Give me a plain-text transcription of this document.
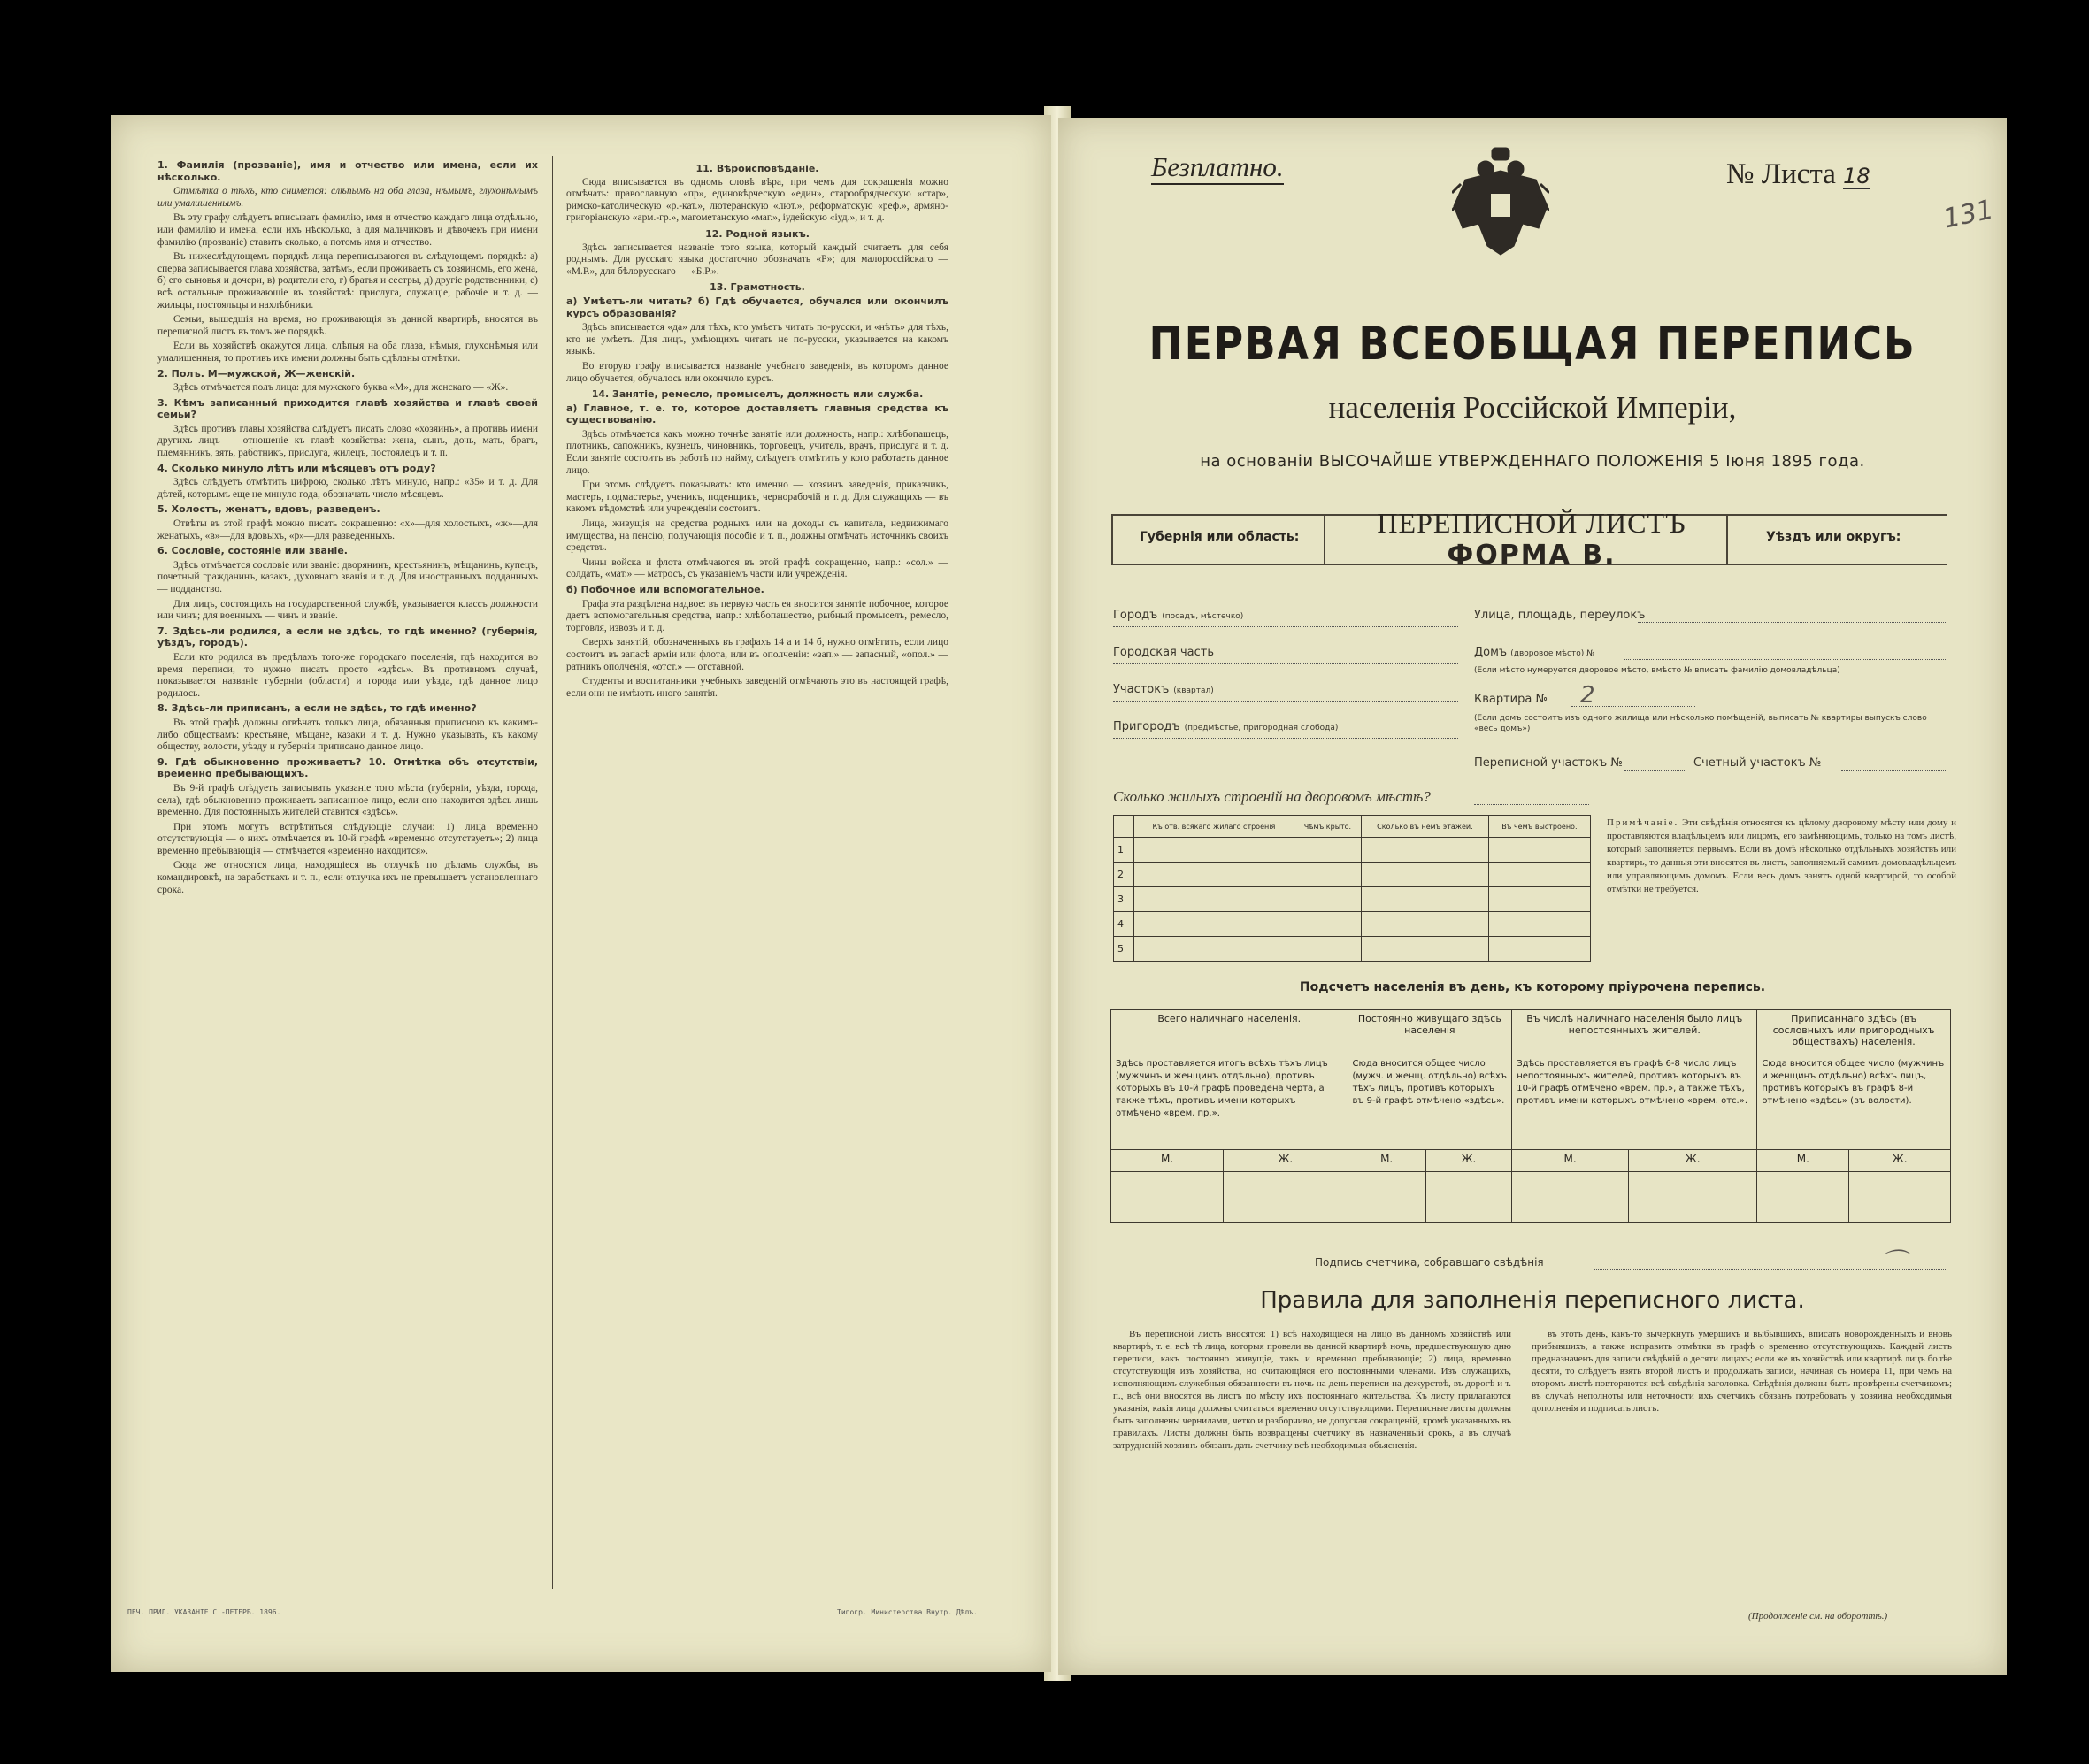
1. Фамилія (прозваніе), имя и отчество или имена, если их нѣсколько.

Отмѣтка о тѣхъ, кто снимется: слѣпымъ на оба глаза, нѣмымъ, глухонѣмымъ или умалишеннымъ.

Въ эту графу слѣдуетъ вписывать фамилію, имя и отчество каждаго лица отдѣльно, или фамилію и имена, если ихъ нѣсколько, а для мальчиковъ и дѣвочекъ при имени фамилію (прозваніе) ставить сколько, а потомъ имя и отчество.

Въ нижеслѣдующемъ порядкѣ лица переписываются въ слѣдующемъ порядкѣ: а) сперва записывается глава хозяйства, затѣмъ, если проживаетъ съ хозяиномъ, его жена, б) его сыновья и дочери, в) родители его, г) братья и сестры, д) другіе родственники, е) всѣ остальные проживающіе въ хозяйствѣ: прислуга, служащіе, рабочіе и т. д. — жильцы, постояльцы и нахлѣбники.

Семьи, вышедшія на время, но проживающія въ данной квартирѣ, вносятся въ переписной листъ въ томъ же порядкѣ.

Если въ хозяйствѣ окажутся лица, слѣпыя на оба глаза, нѣмыя, глухонѣмыя или умалишенныя, то противъ ихъ имени должны быть сдѣланы отмѣтки.

2. Полъ. М—мужской, Ж—женскій.

Здѣсь отмѣчается полъ лица: для мужского буква «М», для женскаго — «Ж».

3. Кѣмъ записанный приходится главѣ хозяйства и главѣ своей семьи?

Здѣсь противъ главы хозяйства слѣдуетъ писать слово «хозяинъ», а противъ имени другихъ лицъ — отношеніе къ главѣ хозяйства: жена, сынъ, дочь, мать, братъ, племянникъ, зять, работникъ, прислуга, жилецъ, постоялецъ и т. п.

4. Сколько минуло лѣтъ или мѣсяцевъ отъ роду?

Здѣсь слѣдуетъ отмѣтить цифрою, сколько лѣтъ минуло, напр.: «35» и т. д. Для дѣтей, которымъ еще не минуло года, обозначать число мѣсяцевъ.

5. Холостъ, женатъ, вдовъ, разведенъ.

Отвѣты въ этой графѣ можно писать сокращенно: «х»—для холостыхъ, «ж»—для женатыхъ, «в»—для вдовыхъ, «р»—для разведенныхъ.

6. Сословіе, состояніе или званіе.

Здѣсь отмѣчается сословіе или званіе: дворянинъ, крестьянинъ, мѣщанинъ, купецъ, почетный гражданинъ, казакъ, духовнаго званія и т. д. Для иностранныхъ подданныхъ — подданство.

Для лицъ, состоящихъ на государственной службѣ, указывается классъ должности или чинъ; для военныхъ — чинъ и званіе.

7. Здѣсь-ли родился, а если не здѣсь, то гдѣ именно? (губернія, уѣздъ, городъ).

Если кто родился въ предѣлахъ того-же городскаго поселенія, гдѣ находится во время переписи, то нужно писать просто «здѣсь». Въ противномъ случаѣ, показывается названіе губерніи (области) и города или уѣзда, гдѣ данное лицо родилось.

8. Здѣсь-ли приписанъ, а если не здѣсь, то гдѣ именно?

Въ этой графѣ должны отвѣчать только лица, обязанныя приписною къ какимъ-либо обществамъ: крестьяне, мѣщане, казаки и т. д. Нужно указывать, къ какому обществу, волости, уѣзду и губерніи приписано данное лицо.

9. Гдѣ обыкновенно проживаетъ? 10. Отмѣтка объ отсутствіи, временно пребывающихъ.

Въ 9-й графѣ слѣдуетъ записывать указаніе того мѣста (губерніи, уѣзда, города, села), гдѣ обыкновенно проживаетъ записанное лицо, если оно находится здѣсь лишь временно. Для постоянныхъ жителей ставится «здѣсь».

При этомъ могутъ встрѣтиться слѣдующіе случаи: 1) лица временно отсутствующія — о нихъ отмѣчается въ 10-й графѣ «временно отсутствуетъ»; 2) лица временно пребывающія — отмѣчается «временно находится».

Сюда же относятся лица, находящіеся въ отлучкѣ по дѣламъ службы, въ командировкѣ, на заработкахъ и т. п., если отлучка ихъ не превышаетъ установленнаго срока.

11. Вѣроисповѣданіе.

Сюда вписывается въ одномъ словѣ вѣра, при чемъ для сокращенія можно отмѣчать: православную «пр», единовѣрческую «един», старообрядческую «стар», римско-католическую «р.-кат.», лютеранскую «лют.», реформатскую «реф.», армяно-григоріанскую «арм.-гр.», магометанскую «маг.», іудейскую «іуд.», и т. д.

12. Родной языкъ.

Здѣсь записывается названіе того языка, который каждый считаетъ для себя роднымъ. Для русскаго языка достаточно обозначать «Р»; для малороссійскаго — «М.Р.», для бѣлорусскаго — «Б.Р.».

13. Грамотность.

а) Умѣетъ-ли читать? б) Гдѣ обучается, обучался или окончилъ курсъ образованія?

Здѣсь вписывается «да» для тѣхъ, кто умѣетъ читать по-русски, и «нѣтъ» для тѣхъ, кто не умѣетъ. Для лицъ, умѣющихъ читать не по-русски, указывается на какомъ языкѣ.

Во вторую графу вписывается названіе учебнаго заведенія, въ которомъ данное лицо обучается, обучалось или окончило курсъ.

14. Занятіе, ремесло, промыселъ, должность или служба.

а) Главное, т. е. то, которое доставляетъ главныя средства къ существованію.

Здѣсь отмѣчается какъ можно точнѣе занятіе или должность, напр.: хлѣбопашецъ, плотникъ, сапожникъ, кузнецъ, чиновникъ, торговецъ, учитель, врачъ, прислуга и т. д. Если занятіе состоитъ въ работѣ по найму, слѣдуетъ отмѣтить у кого работаетъ данное лицо.

При этомъ слѣдуетъ показывать: кто именно — хозяинъ заведенія, приказчикъ, мастеръ, подмастерье, ученикъ, поденщикъ, чернорабочій и т. д. Для служащихъ — въ какомъ вѣдомствѣ или учрежденіи состоитъ.

Лица, живущія на средства родныхъ или на доходы съ капитала, недвижимаго имущества, на пенсію, получающія пособіе и т. п., должны отмѣчать источникъ своихъ средствъ.

Чины войска и флота отмѣчаются въ этой графѣ сокращенно, напр.: «сол.» — солдатъ, «мат.» — матросъ, съ указаніемъ части или учрежденія.

б) Побочное или вспомогательное.

Графа эта раздѣлена надвое: въ первую часть ея вносится занятіе побочное, которое даетъ вспомогательныя средства, напр.: хлѣбопашество, рыбный промыселъ, ремесло, торговля, извозъ и т. д.

Сверхъ занятій, обозначенныхъ въ графахъ 14 а и 14 б, нужно отмѣтить, если лицо состоитъ въ запасѣ арміи или флота, или въ ополченіи: «зап.» — запасный, «опол.» — ратникъ ополченія, «отст.» — отставной.

Студенты и воспитанники учебныхъ заведеній отмѣчаютъ это въ настоящей графѣ, если они не имѣютъ иного занятія.

ПЕЧ. ПРИЛ. УКАЗАНІЕ С.-ПЕТЕРБ. 1896.	Типогр. Министерства Внутр. Дѣлъ.
Безплатно.	№ Листа 18
131
ПЕРВАЯ ВСЕОБЩАЯ ПЕРЕПИСЬ
населенія Россійской Имперіи,
на основаніи ВЫСОЧАЙШЕ УТВЕРЖДЕННАГО ПОЛОЖЕНІЯ 5 Іюня 1895 года.
Губернія или область:	ПЕРЕПИСНОЙ ЛИСТЪ
ФОРМА В.
Уѣздъ или округъ:
Городъ (посадъ, мѣстечко)
Городская часть
Участокъ (квартал)
Пригородъ (предмѣстье, пригородная слобода)
Улица, площадь, переулокъ
Домъ (дворовое мѣсто) №
(Если мѣсто нумеруется дворовое мѣсто, вмѣсто № вписать фамилію домовладѣльца)
Квартира № 2
(Если домъ состоитъ изъ одного жилища или нѣсколько помѣщеній, выписать № квартиры выпускъ слово «весь домъ»)
Переписной участокъ №	Счетный участокъ №
Сколько жилыхъ строеній на дворовомъ мѣстѣ?
	Къ отв. всякаго жилаго строенія	Чѣмъ крыто.	Сколько въ немъ этажей.	Въ чемъ выстроено.
1				
2				
3				
4				
5				
Примѣчаніе. Эти свѣдѣнія относятся къ цѣлому дворовому мѣсту или дому и проставляются владѣльцемъ или лицомъ, его замѣняющимъ, только на томъ листѣ, который заполняется первымъ. Если въ домѣ нѣсколько отдѣльныхъ хозяйствъ или квартиръ, то данныя эти вносятся въ листъ, заполняемый самимъ домовладѣльцемъ или управляющимъ домомъ. Если весь домъ занятъ одной квартирой, то особой отмѣтки не требуется.
Подсчетъ населенія въ день, къ которому пріурочена перепись.
Всего наличнаго населенія.		Постоянно живущаго здѣсь населенія		Въ числѣ наличнаго населенія было лицъ непостоянныхъ жителей.		Приписаннаго здѣсь (въ сословныхъ или пригородныхъ обществахъ) населенія.	
Здѣсь проставляется итогъ всѣхъ тѣхъ лицъ (мужчинъ и женщинъ отдѣльно), противъ которыхъ въ 10-й графѣ проведена черта, а также тѣхъ, противъ имени которыхъ отмѣчено «врем. пр.».		Сюда вносится общее число (мужч. и женщ. отдѣльно) всѣхъ тѣхъ лицъ, противъ которыхъ въ 9-й графѣ отмѣчено «здѣсь».		Здѣсь проставляется въ графѣ 6-8 число лицъ непостоянныхъ жителей, противъ которыхъ въ 10-й графѣ отмѣчено «врем. пр.», а также тѣхъ, противъ имени которыхъ отмѣчено «врем. отс.».		Сюда вносится общее число (мужчинъ и женщинъ отдѣльно) всѣхъ лицъ, противъ которыхъ въ графѣ 8-й отмѣчено «здѣсь» (въ волости).	
М.	Ж.	М.	Ж.	М.	Ж.	М.	Ж.

Подпись счетчика, собравшаго свѣдѣнія	⌒
Правила для заполненія переписного листа.

Въ переписной листъ вносятся: 1) всѣ находящіеся на лицо въ данномъ хозяйствѣ или квартирѣ, т. е. всѣ тѣ лица, которыя провели въ данной квартирѣ ночь, предшествующую дню переписи, какъ постоянно живущіе, такъ и временно пребывающіе; 2) лица, временно отсутствующія изъ хозяйства, но считающіяся его постоянными членами. Изъ служащихъ, исполняющихъ служебныя обязанности въ ночь на день переписи на дежурствѣ, въ дорогѣ и т. п., всѣ они вносятся въ листъ по мѣсту ихъ постояннаго жительства. Къ листу прилагаются указанія, какія лица должны считаться временно отсутствующими. Переписные листы должны быть заполнены чернилами, четко и разборчиво, не допуская сокращеній, кромѣ указанныхъ въ правилахъ. Листы должны быть возвращены счетчику въ назначенный срокъ, а въ случаѣ затрудненій хозяинъ обязанъ дать счетчику всѣ необходимыя объясненія.

въ этотъ день, какъ-то вычеркнуть умершихъ и выбывшихъ, вписать новорожденныхъ и вновь прибывшихъ, а также исправить отмѣтки въ графѣ о временно отсутствующихъ. Каждый листъ предназначенъ для записи свѣдѣній о десяти лицахъ; если же въ хозяйствѣ или квартирѣ лицъ болѣе десяти, то слѣдуетъ взять второй листъ и продолжать записи, начиная съ номера 11, при чемъ на второмъ листѣ повторяются всѣ свѣдѣнія заголовка. Свѣдѣнія должны быть провѣрены счетчикомъ; въ случаѣ неполноты или неточности ихъ счетчикъ обязанъ потребовать у хозяина необходимыя дополненія и подписать листъ.

(Продолженіе см. на обороттѣ.)
